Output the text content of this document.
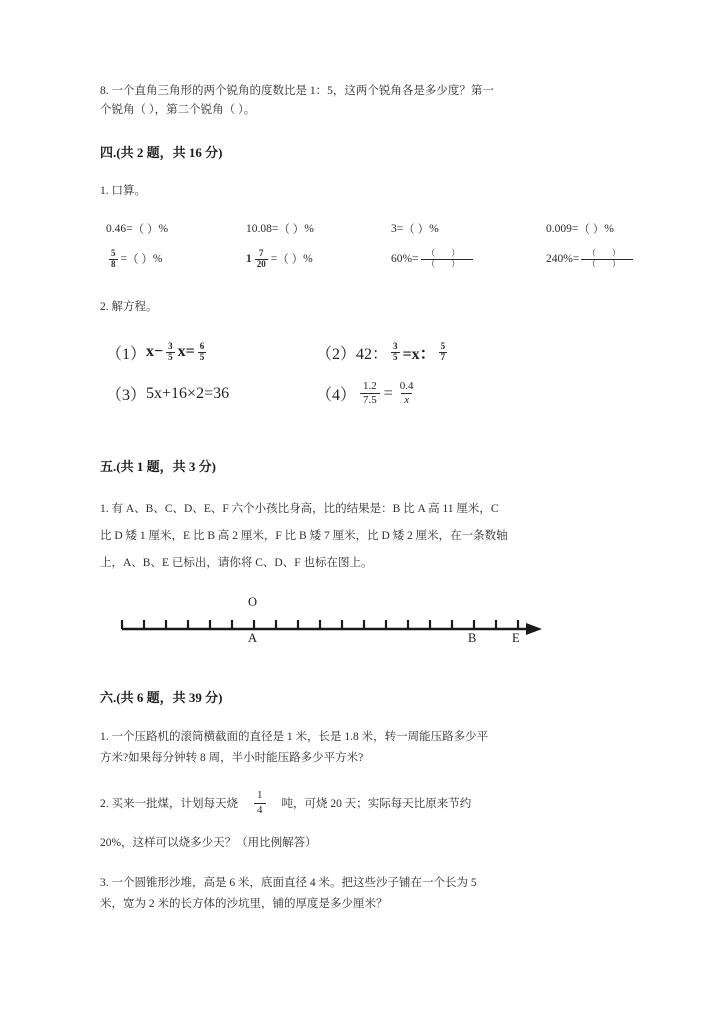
8. 一个直角三角形的两个锐角的度数比是 1：5，这两个锐角各是多少度？第一
个锐角（ ），第二个锐角（ ）。
四.(共 2 题，共 16 分)
1. 口算。
0.46= （ ） %	10.08= （ ） %	3= （ ） %	0.009= （ ） %
$\frac{5}{8}$ = （ ） %	$1 \frac{7}{20}$ = （ ） %	$60\% = \frac{( )}{( )}$	$240\% = \frac{( )}{( )}$
2. 解方程。
（1） $x- \frac{3}{5} x= \frac{6}{5}$	（2） 42： $\frac{3}{5} =x$： $\frac{5}{7}$
（3） 5x+16×2=36	$(4) \frac{1.2}{7.5} = \frac{0.4}{x}$
五.(共 1 题，共 3 分)
1. 有 A、B、C、D、E、F 六个小孩比身高，比的结果是：B 比 A 高 11 厘米，C
比 D 矮 1 厘米，E 比 B 高 2 厘米，F 比 B 矮 7 厘米，比 D 矮 2 厘米，在一条数轴
上，A、B、E 已标出，请你将 C、D、F 也标在图上。
O
A	B	E
六.(共 6 题，共 39 分)
1. 一个压路机的滚筒横截面的直径是 1 米，长是 1.8 米，转一周能压路多少平
方米?如果每分钟转 8 周，半小时能压路多少平方米?
2. 买来一批煤，计划每天烧 $\frac{1}{4}$ 吨，可烧 20 天；实际每天比原来节约
20%，这样可以烧多少天？（用比例解答）
3. 一个圆锥形沙堆，高是 6 米，底面直径 4 米。把这些沙子铺在一个长为 5
米，宽为 2 米的长方体的沙坑里，铺的厚度是多少厘米？
